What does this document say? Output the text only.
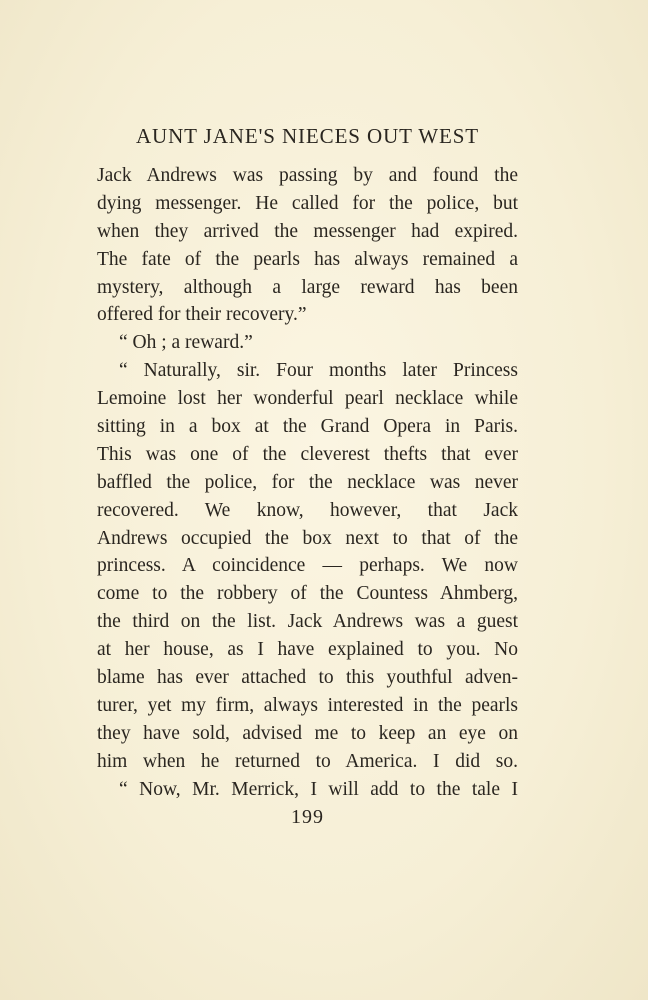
AUNT JANE'S NIECES OUT WEST
Jack Andrews was passing by and found the
dying messenger. He called for the police, but
when they arrived the messenger had expired.
The fate of the pearls has always remained a
mystery, although a large reward has been
offered for their recovery.”
“ Oh ; a reward.”
“ Naturally, sir. Four months later Princess
Lemoine lost her wonderful pearl necklace while
sitting in a box at the Grand Opera in Paris.
This was one of the cleverest thefts that ever
baffled the police, for the necklace was never
recovered. We know, however, that Jack
Andrews occupied the box next to that of the
princess. A coincidence — perhaps. We now
come to the robbery of the Countess Ahmberg,
the third on the list. Jack Andrews was a guest
at her house, as I have explained to you. No
blame has ever attached to this youthful adven-
turer, yet my firm, always interested in the pearls
they have sold, advised me to keep an eye on
him when he returned to America. I did so.
“ Now, Mr. Merrick, I will add to the tale I
199
